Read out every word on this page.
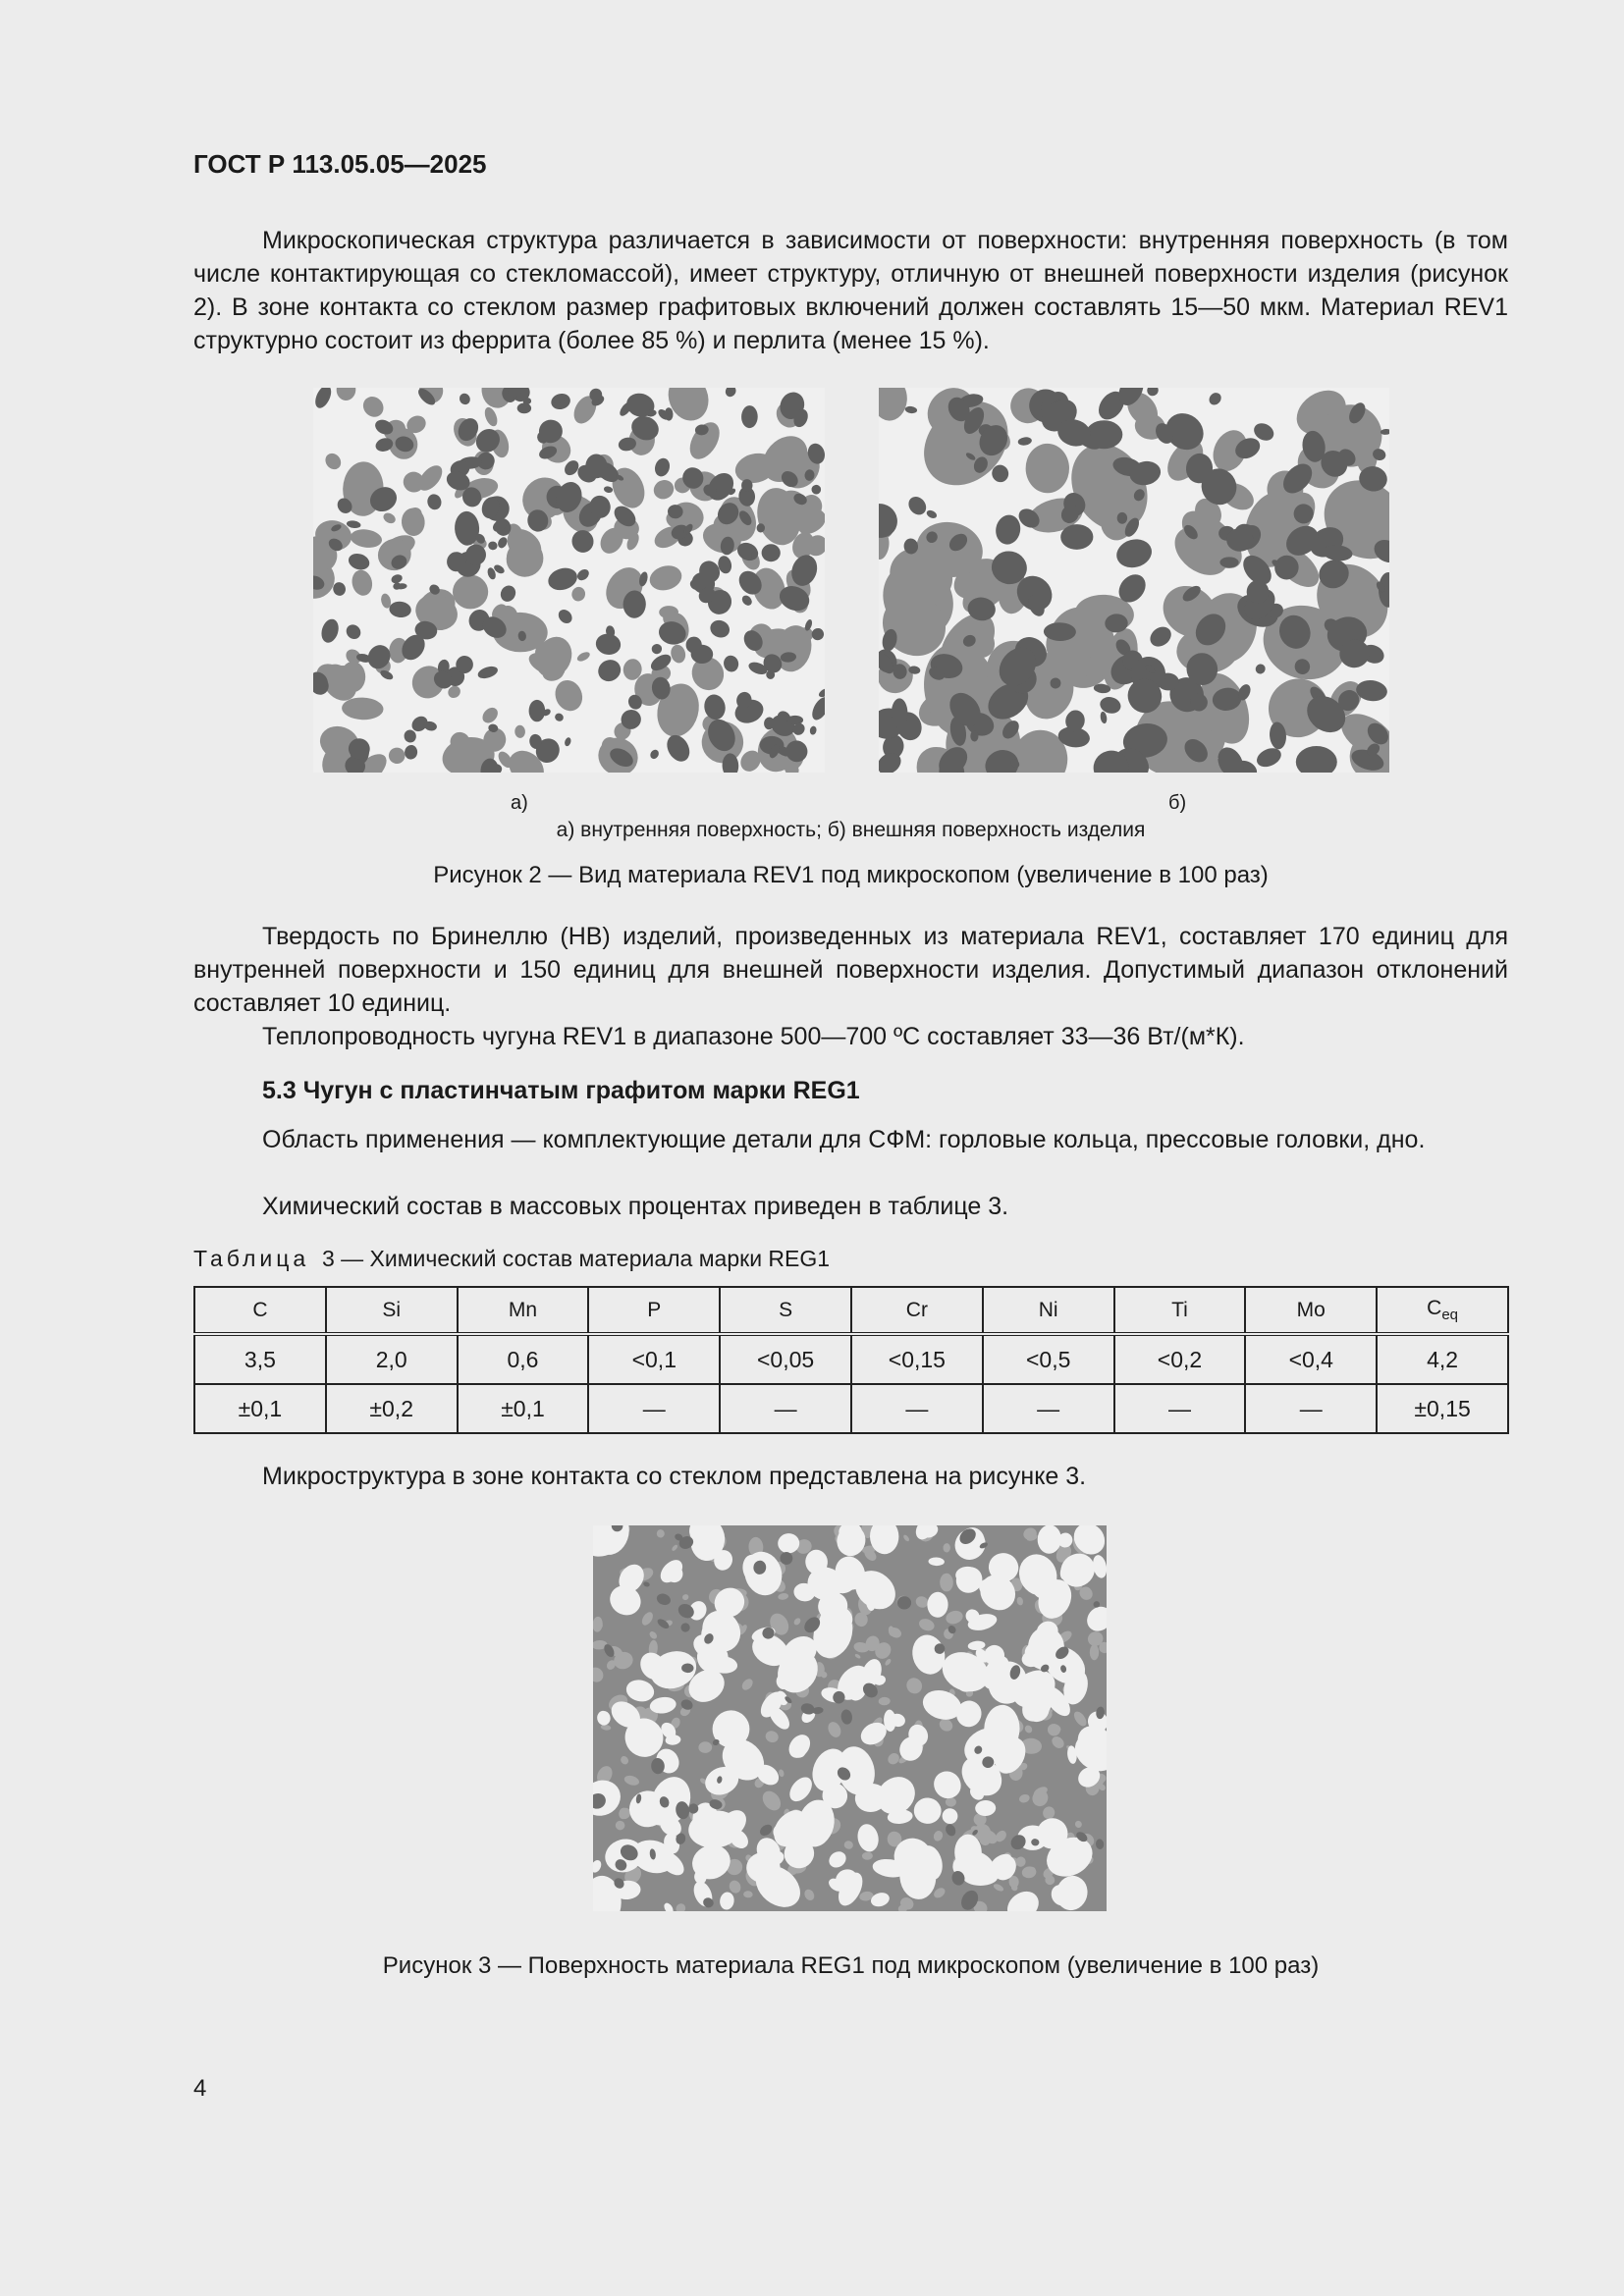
ГОСТ Р 113.05.05—2025

Микроскопическая структура различается в зависимости от поверхности: внутренняя поверхность (в том числе контактирующая со стекломассой), имеет структуру, отличную от внешней поверхности изделия (рисунок 2). В зоне контакта со стеклом размер графитовых включений должен составлять 15—50 мкм. Материал REV1 структурно состоит из феррита (более 85 %) и перлита (менее 15 %).

а)	б)
а) внутренняя поверхность; б) внешняя поверхность изделия
Рисунок 2 — Вид материала REV1 под микроскопом (увеличение в 100 раз)

Твердость по Бринеллю (HB) изделий, произведенных из материала REV1, составляет 170 единиц для внутренней поверхности и 150 единиц для внешней поверхности изделия. Допустимый диапазон отклонений составляет 10 единиц.

Теплопроводность чугуна REV1 в диапазоне 500—700 ºС составляет 33—36 Вт/(м*К).

5.3 Чугун с пластинчатым графитом марки REG1

Область применения — комплектующие детали для СФМ: горловые кольца, прессовые головки, дно.

Химический состав в массовых процентах приведен в таблице 3.

Таблица 3 — Химический состав материала марки REG1
C	Si	Mn	P	S	Cr	Ni	Ti	Mo	$C_{eq}$
3,5	2,0	0,6	<0,1	<0,05	<0,15	<0,5	<0,2	<0,4	4,2
±0,1	±0,2	±0,1	—	—	—	—	—	—	±0,15

Микроструктура в зоне контакта со стеклом представлена на рисунке 3.

Рисунок 3 — Поверхность материала REG1 под микроскопом (увеличение в 100 раз)
4
